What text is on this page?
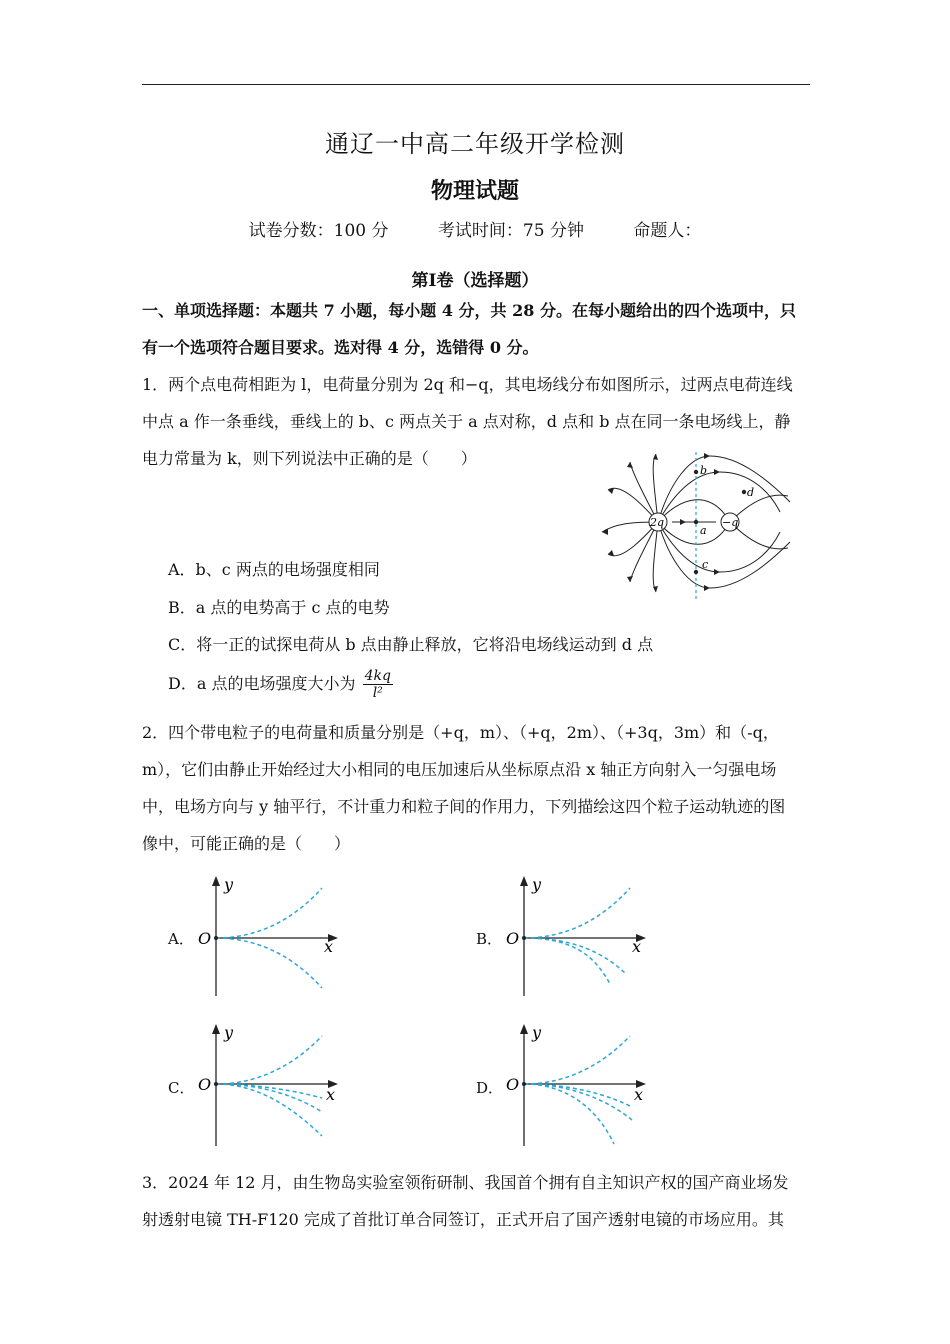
通辽一中高二年级开学检测
物理试题
试卷分数：100 分	考试时间：75 分钟	命题人：
第Ⅰ卷（选择题）
一、单项选择题：本题共 7 小题，每小题 4 分，共 28 分。在每小题给出的四个选项中，只
有一个选项符合题目要求。选对得 4 分，选错得 0 分。
1．两个点电荷相距为 l，电荷量分别为 2q 和−q，其电场线分布如图所示，过两点电荷连线
中点 a 作一条垂线，垂线上的 b、c 两点关于 a 点对称，d 点和 b 点在同一条电场线上，静
电力常量为 k，则下列说法中正确的是（　　）
2q	−q
a
b
c
d
A．b、c 两点的电场强度相同
B．a 点的电势高于 c 点的电势
C．将一正的试探电荷从 b 点由静止释放，它将沿电场线运动到 d 点
D．a 点的电场强度大小为 $\frac{4kq}{\text{l²}}$
2．四个带电粒子的电荷量和质量分别是（+q，m）、（+q，2m）、（+3q，3m）和（-q，
m），它们由静止开始经过大小相同的电压加速后从坐标原点沿 x 轴正方向射入一匀强电场
中，电场方向与 y 轴平行，不计重力和粒子间的作用力，下列描绘这四个粒子运动轨迹的图
像中，可能正确的是（　　）
A． O	x
y
B． O	x
y
C． O
x
y
D． O
x
y
3．2024 年 12 月，由生物岛实验室领衔研制、我国首个拥有自主知识产权的国产商业场发
射透射电镜 TH-F120 完成了首批订单合同签订，正式开启了国产透射电镜的市场应用。其
